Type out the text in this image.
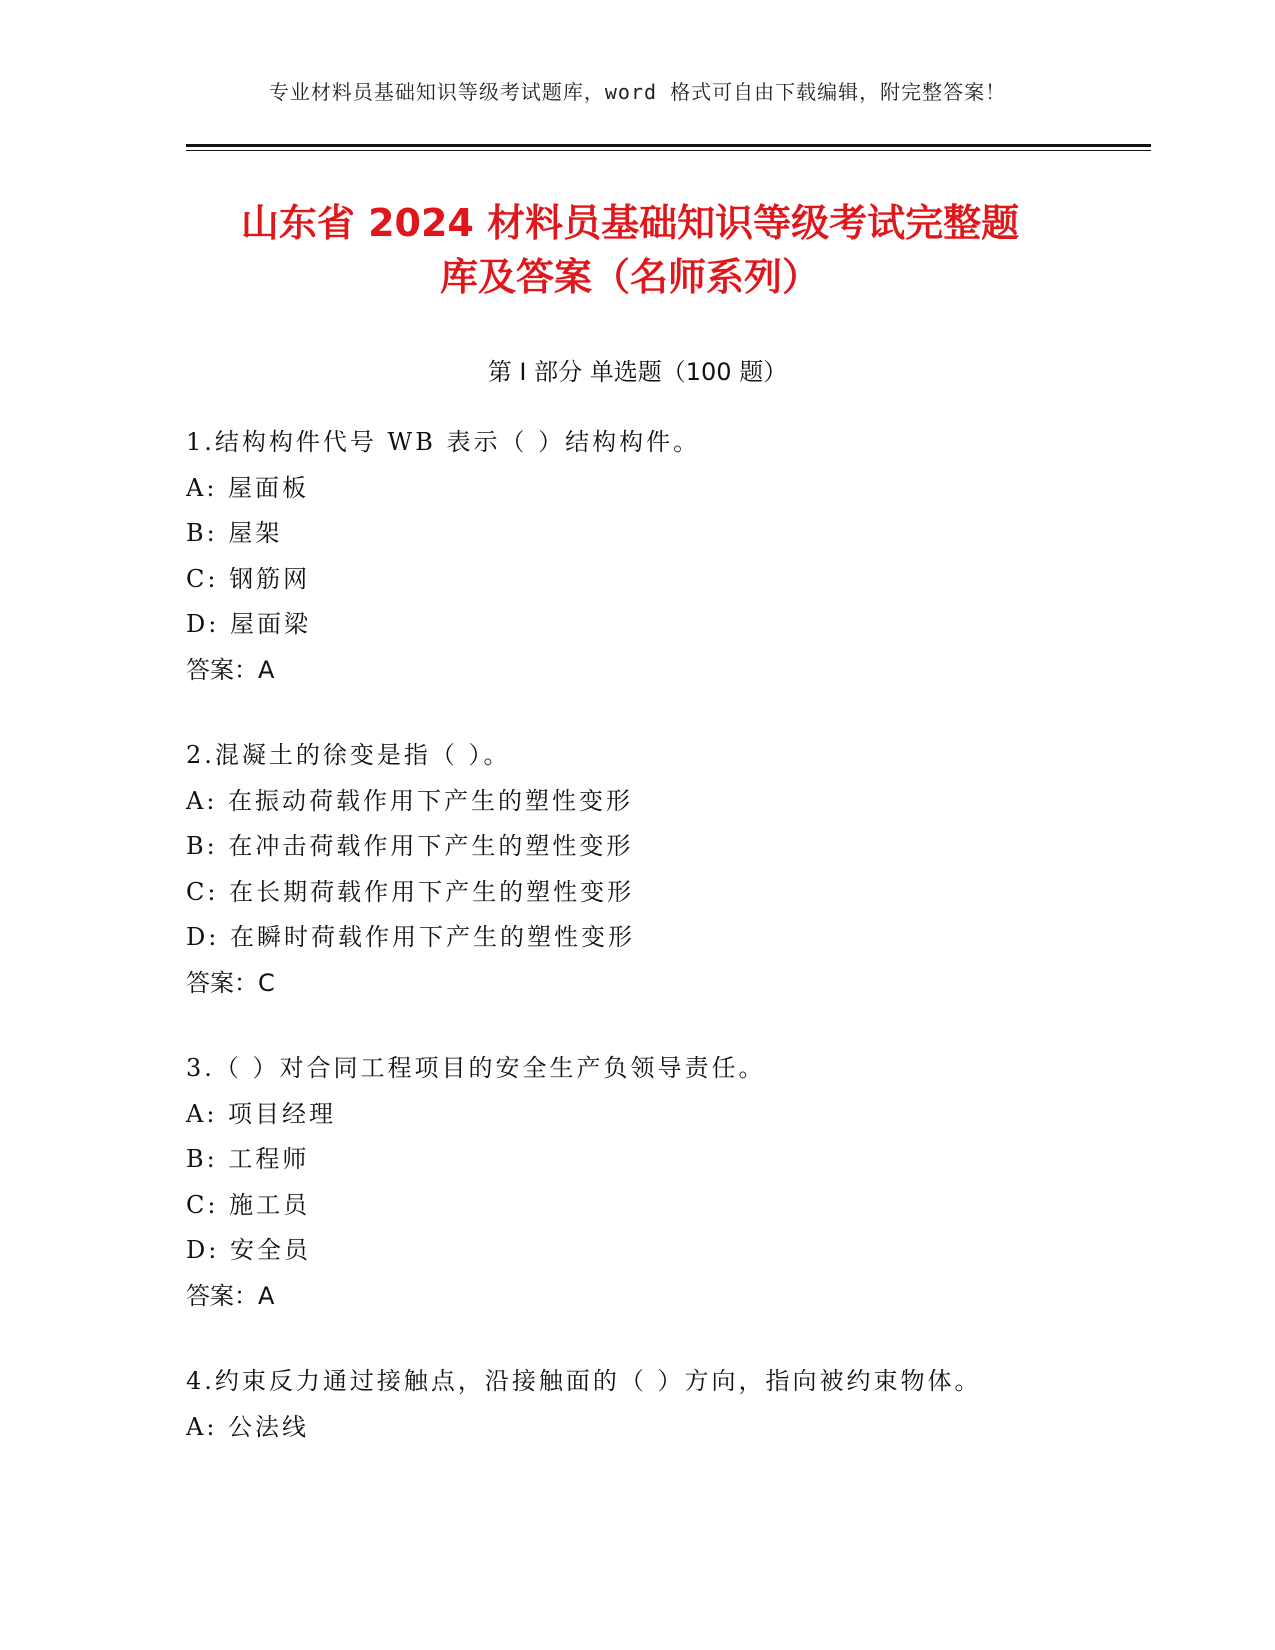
专业材料员基础知识等级考试题库，word 格式可自由下载编辑，附完整答案！
山东省 2024 材料员基础知识等级考试完整题
库及答案（名师系列）
第 I 部分 单选题（100 题）
1.结构构件代号 WB 表示（ ）结构构件。
A: 屋面板
B: 屋架
C: 钢筋网
D: 屋面梁
答案：A
2.混凝土的徐变是指（ ）。
A: 在振动荷载作用下产生的塑性变形
B: 在冲击荷载作用下产生的塑性变形
C: 在长期荷载作用下产生的塑性变形
D: 在瞬时荷载作用下产生的塑性变形
答案：C
3.（ ）对合同工程项目的安全生产负领导责任。
A: 项目经理
B: 工程师
C: 施工员
D: 安全员
答案：A
4.约束反力通过接触点，沿接触面的（ ）方向，指向被约束物体。
A: 公法线
